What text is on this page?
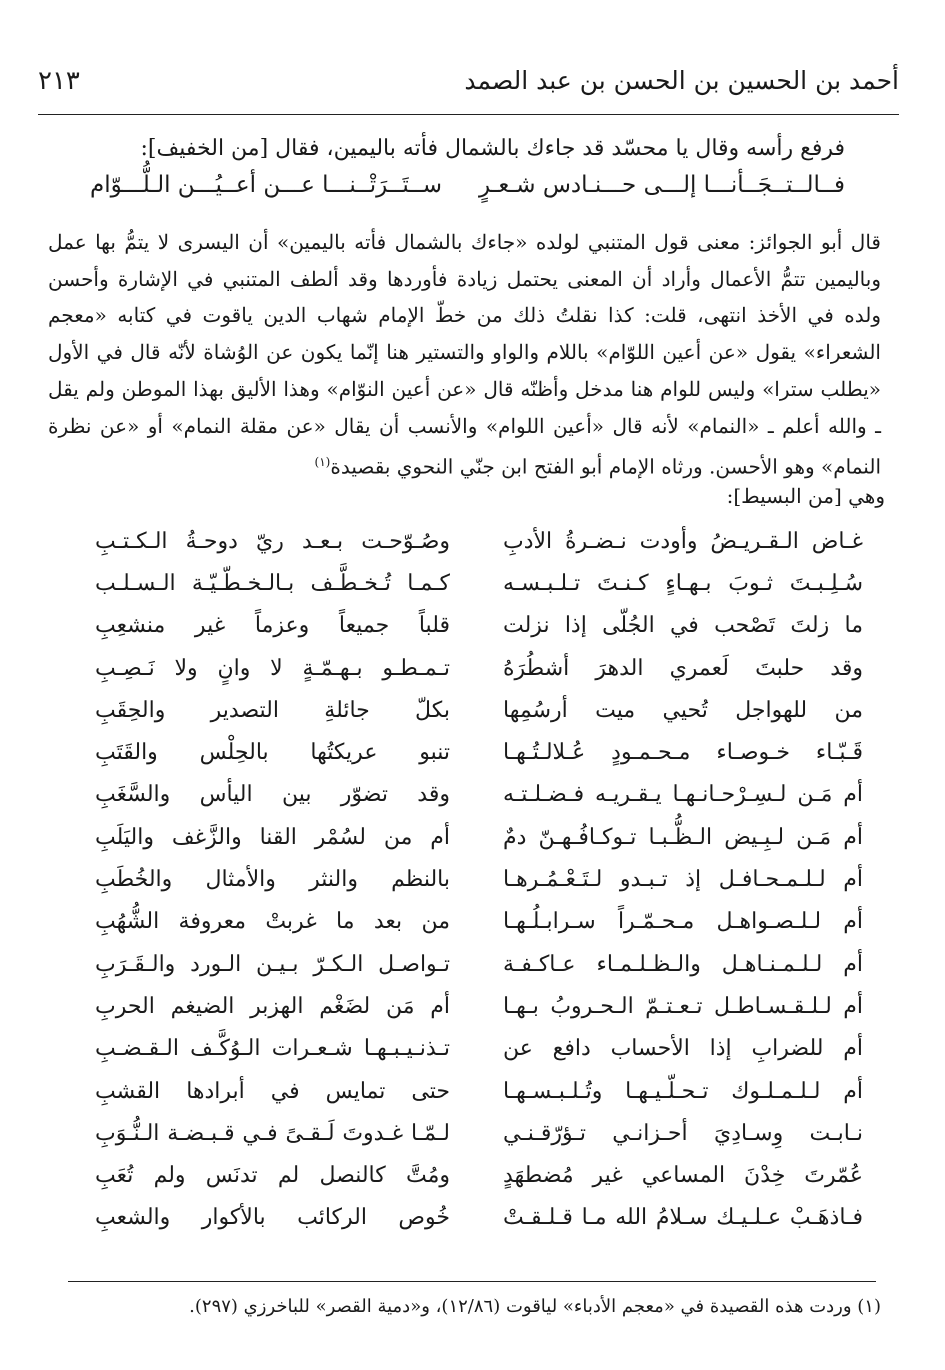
أحمد بن الحسين بن الحسن بن عبد الصمد
٢١٣
فرفع رأسه وقال يا محسّد قد جاءك بالشمال فأته باليمين، فقال [من الخفيف]:
فــالــتــجَــأنـــا إلـــى حـــنـادس شـعـرٍ
ســتَــرَتْــنـــا عـــن أعــيُـــن الـلُّـــوّام

قال أبو الجوائز: معنى قول المتنبي لولده «جاءك بالشمال فأته باليمين» أن اليسرى لا يتمُّ بها عمل وباليمين تتمُّ الأعمال وأراد أن المعنى يحتمل زيادة فأوردها وقد ألطف المتنبي في الإشارة وأحسن ولده في الأخذ انتهى، قلت: كذا نقلتُ ذلك من خطّ الإمام شهاب الدين ياقوت في كتابه «معجم الشعراء» يقول «عن أعين اللوّام» باللام والواو والتستير هنا إنّما يكون عن الوُشاة لأنّه قال في الأول «يطلب سترا» وليس للوام هنا مدخل وأظنّه قال «عن أعين النوّام» وهذا الأليق بهذا الموطن ولم يقل ـ والله أعلم ـ «النمام» لأنه قال «أعين اللوام» والأنسب أن يقال «عن مقلة النمام» أو «عن نظرة النمام» وهو الأحسن. ورثاه الإمام أبو الفتح ابن جنّي النحوي بقصيدة$^{(١)}$

وهي [من البسيط]:
غـاض الـقـريـضُ وأودت نـضـرةُ الأدبِ
وصُـوّحـت بـعـد ريّ دوحـةُ الـكـتـبِ
سُـلِـبـتَ ثـوبَ بـهـاءٍ كـنـتَ تـلـبـسـه
كـمـا تُـخـطَّـف بـالـخـطّـيّـة الـسـلـب
ما زلتَ تَصْحب في الجُلّى إذا نزلت
قلباً جميعاً وعزماً غير منشعِبِ
وقد حلبتَ لَعمري الدهرَ أشطُرَهُ
تـمـطـو بـهـمّـةٍ لا وانٍ ولا نَـصِـبِ
من للهواجل تُحيي ميت أرسُمِها
بكلّ جائلةِ التصدير والحِقَبِ
قَـبّـاء خـوصـاء مـحـمـودٍ عُـلالـتُـهـا
تنبو عريكتُها بالحِلْس والقَتَبِ
أم مَـن لـسِـرْحـانـهـا يـقـريـه فـضـلـتـه
وقد تضوّر بين اليأس والسَّغَبِ
أم مَـن لـبِـيض الـظُّـبـا تـوكـافُـهـنّ دمٌ
أم من لسُمْر القنا والزَّغف واليَلَبِ
أم لـلـمـحـافـل إذ تـبـدو لـتَـعْـمُـرهـا
بالنظم والنثر والأمثال والخُطَبِ
أم لـلـصـواهـل مـحـمّـراً سـرابـلُـهـا
من بعد ما غربتْ معروفة الشُّهُبِ
أم لـلـمـنـاهـل والـظـلـمـاء عـاكـفـة
تـواصـل الـكـرّ بـيـن الـورد والـقَـرَبِ
أم لـلـقـسـاطـل تـعـتـمّ الـحـروبُ بـهـا
أم مَن لضَغْم الهزبر الضيغم الحربِ
أم للضرابِ إذا الأحساب دافع عن
تـذنـيـبـهـا شـعـرات الـوُكَّـف الـقـضـبِ
أم لـلـمـلـوك تـحـلّـيـهـا وتُـلـبـسـهـا
حتى تمايس في أبرادها القشبِ
نـابـت وِسـادِيَ أحـزانـي تـؤرّقـنـي
لـمّـا غـدوتَ لَـقـىً فـي قـبـضـة الـنُّـوَبِ
عُمّرتَ خِدْنَ المساعي غير مُضطهَدٍ
ومُتَّ كالنصل لم تدنَس ولم تُعَبِ
فـاذهَـبْ عـلـيـك سـلامُ الله مـا قـلـقـتْ
خُوص الركائب بالأكوار والشعبِ
(١) وردت هذه القصيدة في «معجم الأدباء» لياقوت (١٢/٨٦)، و«دمية القصر» للباخرزي (٢٩٧).
